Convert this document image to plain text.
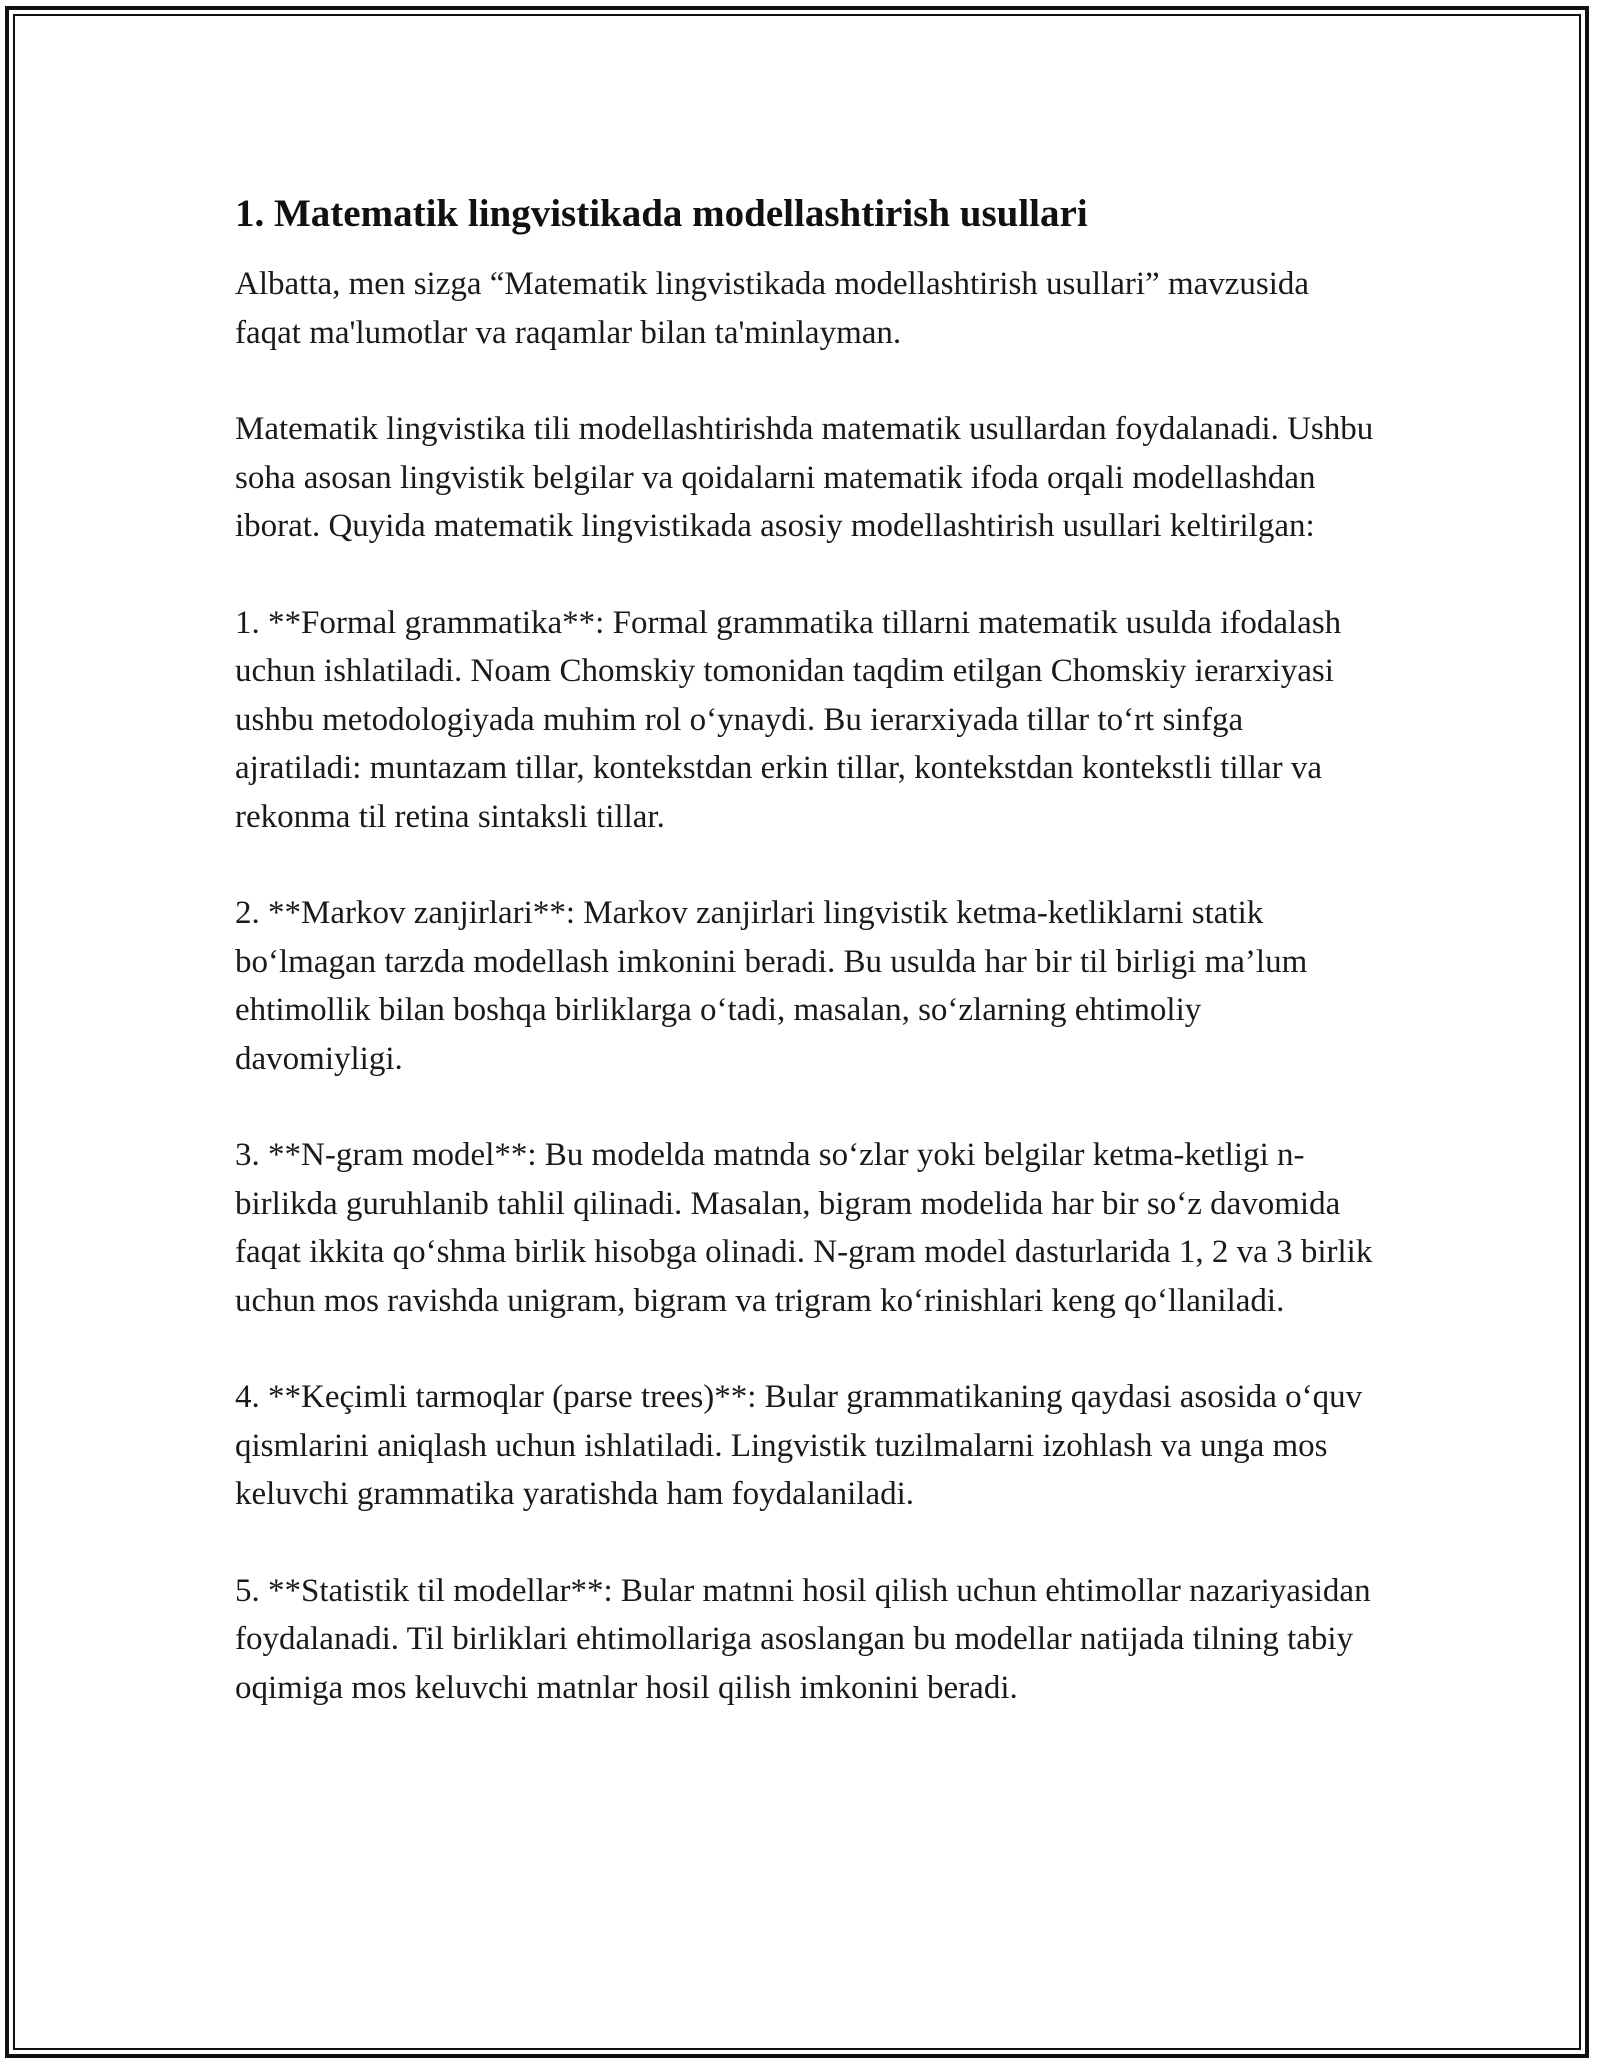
1. Matematik lingvistikada modellashtirish usullari

Albatta, men sizga “Matematik lingvistikada modellashtirish usullari” mavzusida faqat ma'lumotlar va raqamlar bilan ta'minlayman.

Matematik lingvistika tili modellashtirishda matematik usullardan foydalanadi. Ushbu soha asosan lingvistik belgilar va qoidalarni matematik ifoda orqali modellashdan iborat. Quyida matematik lingvistikada asosiy modellashtirish usullari keltirilgan:

1. **Formal grammatika**: Formal grammatika tillarni matematik usulda ifodalash uchun ishlatiladi. Noam Chomskiy tomonidan taqdim etilgan Chomskiy ierarxiyasi ushbu metodologiyada muhim rol o‘ynaydi. Bu ierarxiyada tillar to‘rt sinfga ajratiladi: muntazam tillar, kontekstdan erkin tillar, kontekstdan kontekstli tillar va rekonma til retina sintaksli tillar.

2. **Markov zanjirlari**: Markov zanjirlari lingvistik ketma-ketliklarni statik bo‘lmagan tarzda modellash imkonini beradi. Bu usulda har bir til birligi ma’lum ehtimollik bilan boshqa birliklarga o‘tadi, masalan, so‘zlarning ehtimoliy davomiyligi.

3. **N-gram model**: Bu modelda matnda so‘zlar yoki belgilar ketma-ketligi n- birlikda guruhlanib tahlil qilinadi. Masalan, bigram modelida har bir so‘z davomida faqat ikkita qo‘shma birlik hisobga olinadi. N-gram model dasturlarida 1, 2 va 3 birlik uchun mos ravishda unigram, bigram va trigram ko‘rinishlari keng qo‘llaniladi.

4. **Keçimli tarmoqlar (parse trees)**: Bular grammatikaning qaydasi asosida o‘quv qismlarini aniqlash uchun ishlatiladi. Lingvistik tuzilmalarni izohlash va unga mos keluvchi grammatika yaratishda ham foydalaniladi.

5. **Statistik til modellar**: Bular matnni hosil qilish uchun ehtimollar nazariyasidan foydalanadi. Til birliklari ehtimollariga asoslangan bu modellar natijada tilning tabiy oqimiga mos keluvchi matnlar hosil qilish imkonini beradi.
